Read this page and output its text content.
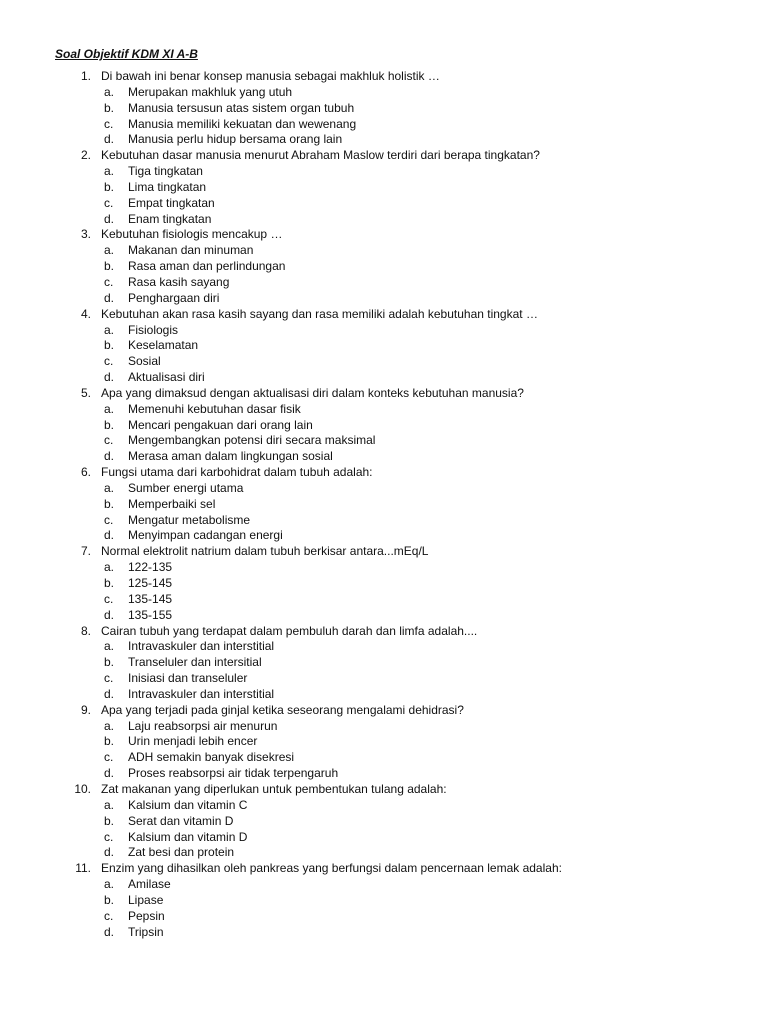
Soal Objektif KDM XI A-B
1. Di bawah ini benar konsep manusia sebagai makhluk holistik …
a. Merupakan makhluk yang utuh
b. Manusia tersusun atas sistem organ tubuh
c. Manusia memiliki kekuatan dan wewenang
d. Manusia perlu hidup bersama orang lain
2. Kebutuhan dasar manusia menurut Abraham Maslow terdiri dari berapa tingkatan?
a. Tiga tingkatan
b. Lima tingkatan
c. Empat tingkatan
d. Enam tingkatan
3. Kebutuhan fisiologis mencakup …
a. Makanan dan minuman
b. Rasa aman dan perlindungan
c. Rasa kasih sayang
d. Penghargaan diri
4. Kebutuhan akan rasa kasih sayang dan rasa memiliki adalah kebutuhan tingkat …
a. Fisiologis
b. Keselamatan
c. Sosial
d. Aktualisasi diri
5. Apa yang dimaksud dengan aktualisasi diri dalam konteks kebutuhan manusia?
a. Memenuhi kebutuhan dasar fisik
b. Mencari pengakuan dari orang lain
c. Mengembangkan potensi diri secara maksimal
d. Merasa aman dalam lingkungan sosial
6. Fungsi utama dari karbohidrat dalam tubuh adalah:
a. Sumber energi utama
b. Memperbaiki sel
c. Mengatur metabolisme
d. Menyimpan cadangan energi
7. Normal elektrolit natrium dalam tubuh berkisar antara...mEq/L
a. 122-135
b. 125-145
c. 135-145
d. 135-155
8. Cairan tubuh yang terdapat dalam pembuluh darah dan limfa adalah....
a. Intravaskuler dan interstitial
b. Transeluler dan intersitial
c. Inisiasi dan transeluler
d. Intravaskuler dan interstitial
9. Apa yang terjadi pada ginjal ketika seseorang mengalami dehidrasi?
a. Laju reabsorpsi air menurun
b. Urin menjadi lebih encer
c. ADH semakin banyak disekresi
d. Proses reabsorpsi air tidak terpengaruh
10. Zat makanan yang diperlukan untuk pembentukan tulang adalah:
a. Kalsium dan vitamin C
b. Serat dan vitamin D
c. Kalsium dan vitamin D
d. Zat besi dan protein
11. Enzim yang dihasilkan oleh pankreas yang berfungsi dalam pencernaan lemak adalah:
a. Amilase
b. Lipase
c. Pepsin
d. Tripsin
